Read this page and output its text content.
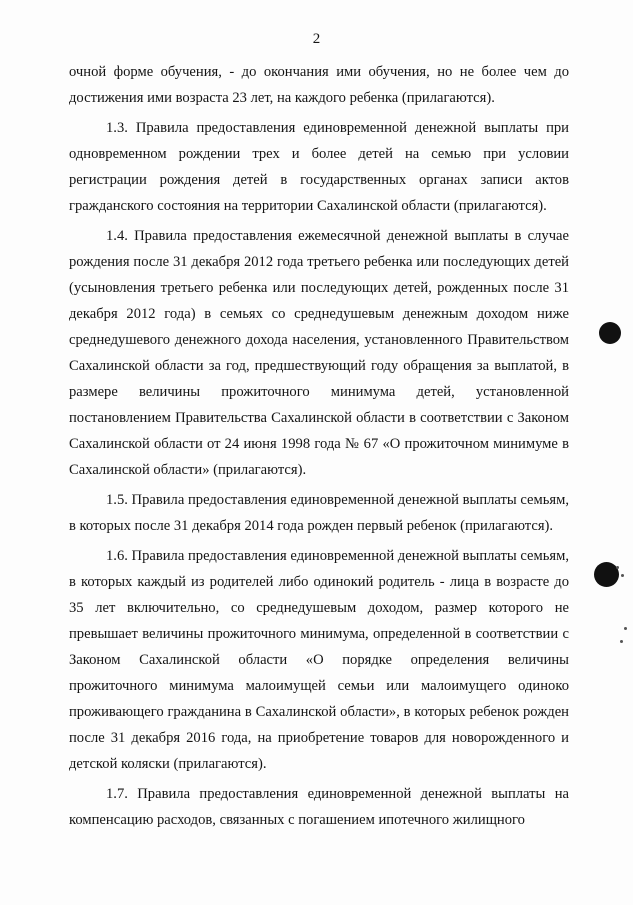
2

очной форме обучения, - до окончания ими обучения, но не более чем до достижения ими возраста 23 лет, на каждого ребенка (прилагаются).

1.3. Правила предоставления единовременной денежной выплаты при одновременном рождении трех и более детей на семью при условии регистрации рождения детей в государственных органах записи актов гражданского состояния на территории Сахалинской области (прилагаются).

1.4. Правила предоставления ежемесячной денежной выплаты в случае рождения после 31 декабря 2012 года третьего ребенка или последующих детей (усыновления третьего ребенка или последующих детей, рожденных после 31 декабря 2012 года) в семьях со среднедушевым денежным доходом ниже среднедушевого денежного дохода населения, установленного Правительством Сахалинской области за год, предшествующий году обращения за выплатой, в размере величины прожиточного минимума детей, установленной постановлением Правительства Сахалинской области в соответствии с Законом Сахалинской области от 24 июня 1998 года № 67 «О прожиточном минимуме в Сахалинской области» (прилагаются).

1.5. Правила предоставления единовременной денежной выплаты семьям, в которых после 31 декабря 2014 года рожден первый ребенок (прилагаются).

1.6. Правила предоставления единовременной денежной выплаты семьям, в которых каждый из родителей либо одинокий родитель - лица в возрасте до 35 лет включительно, со среднедушевым доходом, размер которого не превышает величины прожиточного минимума, определенной в соответствии с Законом Сахалинской области «О порядке определения величины прожиточного минимума малоимущей семьи или малоимущего одиноко проживающего гражданина в Сахалинской области», в которых ребенок рожден после 31 декабря 2016 года, на приобретение товаров для новорожденного и детской коляски (прилагаются).

1.7. Правила предоставления единовременной денежной выплаты на компенсацию расходов, связанных с погашением ипотечного жилищного
